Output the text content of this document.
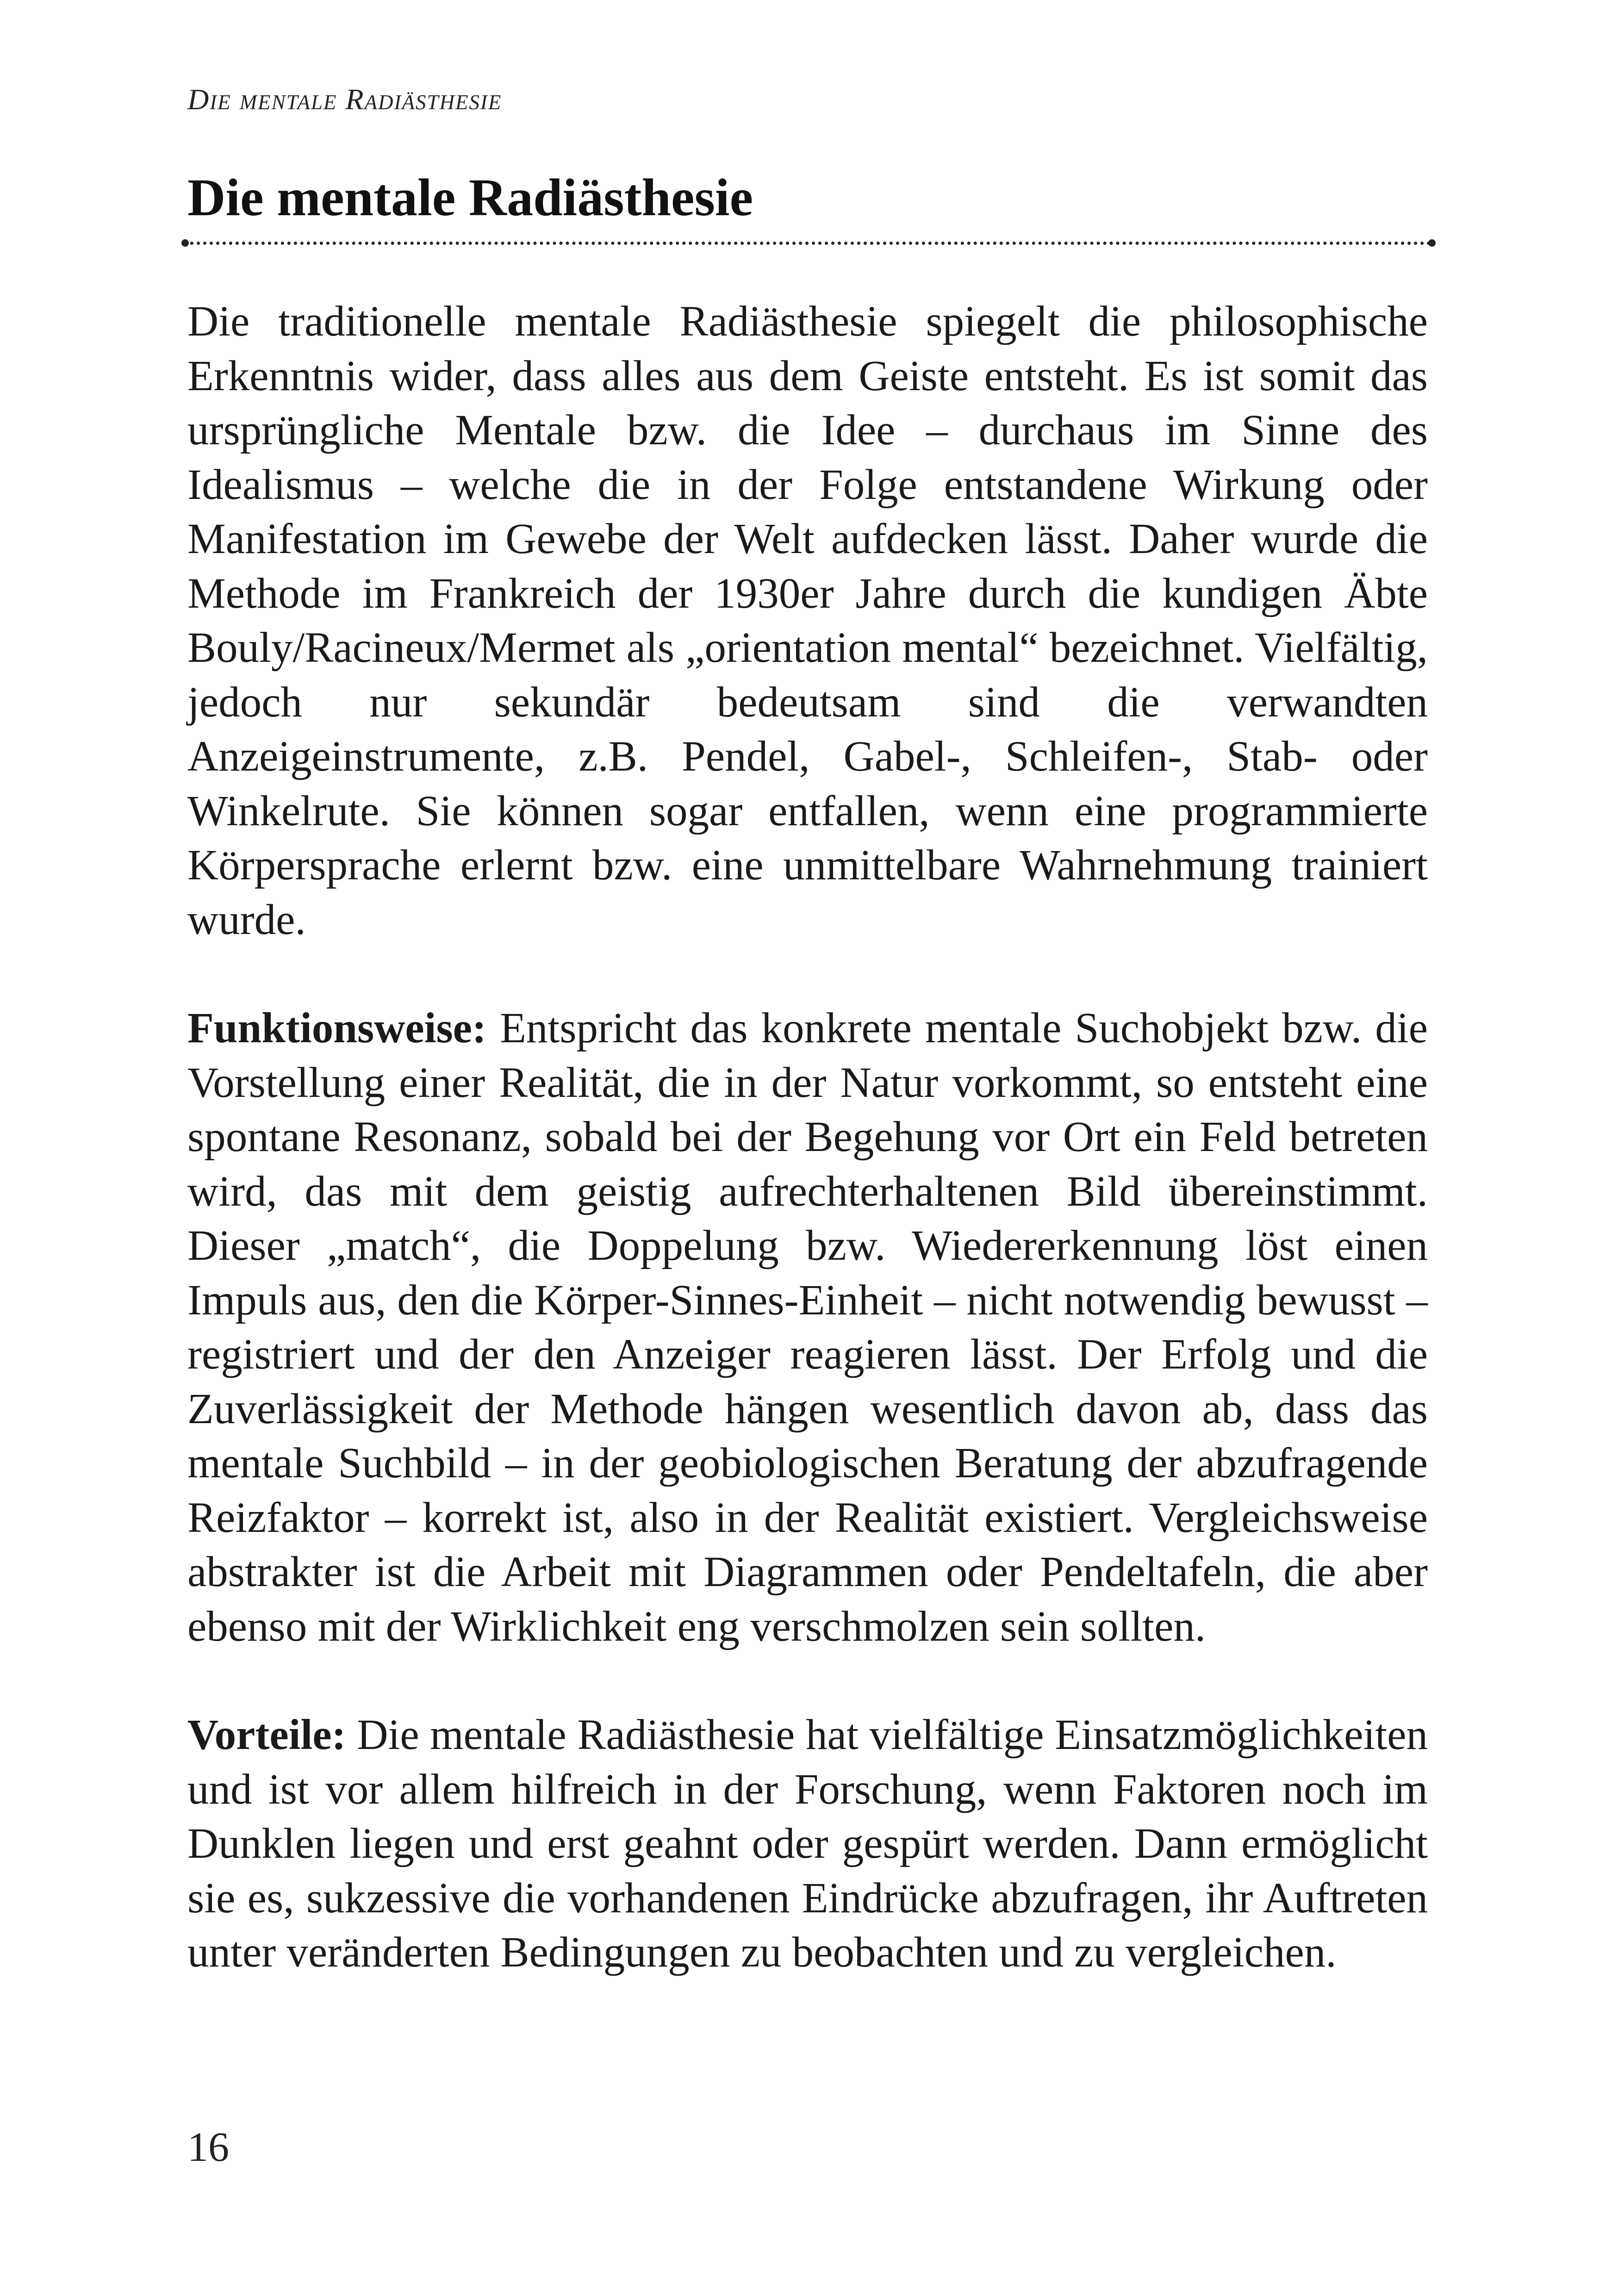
Die mentale Radiästhesie
Die mentale Radiästhesie

Die traditionelle mentale Radiästhesie spiegelt die philosophische Erkenntnis wider, dass alles aus dem Geiste entsteht. Es ist somit das ursprüngliche Mentale bzw. die Idee – durchaus im Sinne des Idealismus – welche die in der Folge entstandene Wirkung oder Manifestation im Gewebe der Welt aufdecken lässt. Daher wurde die Methode im Frankreich der 1930er Jahre durch die kundigen Äbte Bouly/Racineux/Mermet als „orientation mental“ bezeichnet. Vielfältig, jedoch nur sekundär bedeutsam sind die verwandten Anzeigeinstrumente, z.B. Pendel, Gabel-, Schleifen-, Stab- oder Winkelrute. Sie können sogar entfallen, wenn eine programmierte Körpersprache erlernt bzw. eine unmittelbare Wahrnehmung trainiert wurde.

Funktionsweise: Entspricht das konkrete mentale Suchobjekt bzw. die Vorstellung einer Realität, die in der Natur vorkommt, so entsteht eine spontane Resonanz, sobald bei der Begehung vor Ort ein Feld betreten wird, das mit dem geistig aufrechterhaltenen Bild übereinstimmt. Dieser „match“, die Doppelung bzw. Wiedererkennung löst einen Impuls aus, den die Körper-Sinnes-Einheit – nicht notwendig bewusst – registriert und der den Anzeiger reagieren lässt. Der Erfolg und die Zuverlässigkeit der Methode hängen wesentlich davon ab, dass das mentale Suchbild – in der geobiologischen Beratung der abzufragende Reizfaktor – korrekt ist, also in der Realität existiert. Vergleichsweise abstrakter ist die Arbeit mit Diagrammen oder Pendeltafeln, die aber ebenso mit der Wirklichkeit eng verschmolzen sein sollten.

Vorteile: Die mentale Radiästhesie hat vielfältige Einsatzmöglichkeiten und ist vor allem hilfreich in der Forschung, wenn Faktoren noch im Dunklen liegen und erst geahnt oder gespürt werden. Dann ermöglicht sie es, sukzessive die vorhandenen Eindrücke abzufragen, ihr Auftreten unter veränderten Bedingungen zu beobachten und zu vergleichen.

16
